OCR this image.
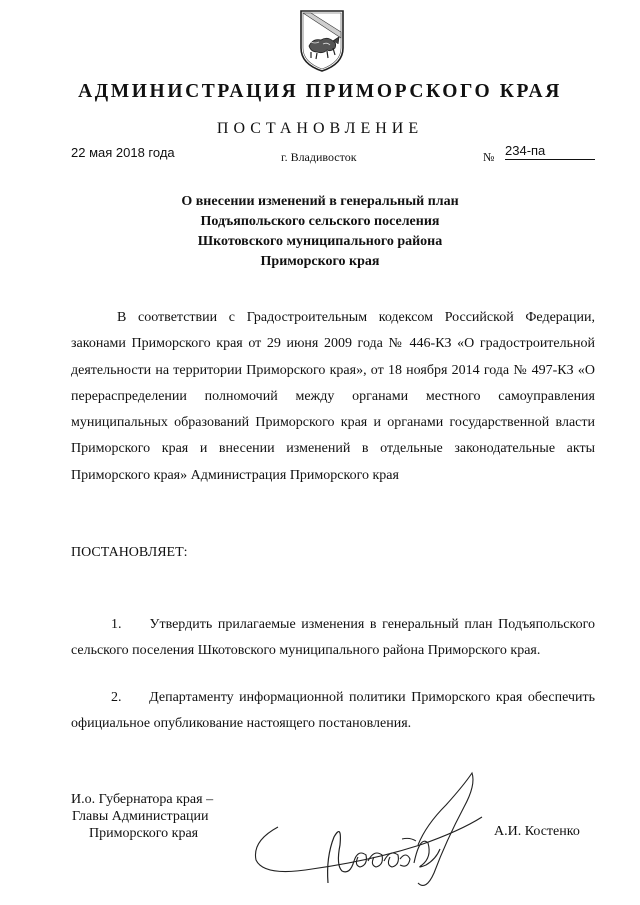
АДМИНИСТРАЦИЯ ПРИМОРСКОГО КРАЯ
ПОСТАНОВЛЕНИЕ
22 мая 2018 года	г. Владивосток	№ 234-па
О внесении изменений в генеральный план
Подъяпольского сельского поселения
Шкотовского муниципального района
Приморского края
В соответствии с Градостроительным кодексом Российской Федерации, законами Приморского края от 29 июня 2009 года № 446-КЗ «О градостроительной деятельности на территории Приморского края», от 18 ноября 2014 года № 497-КЗ «О перераспределении полномочий между органами местного самоуправления муниципальных образований Приморского края и органами государственной власти Приморского края и внесении изменений в отдельные законодательные акты Приморского края» Администрация Приморского края
ПОСТАНОВЛЯЕТ:
1.     Утвердить прилагаемые изменения в генеральный план Подъяпольского сельского поселения Шкотовского муниципального района Приморского края.
2.     Департаменту информационной политики Приморского края обеспечить официальное опубликование настоящего постановления.
И.о. Губернатора края –
Главы Администрации
Приморского края	А.И. Костенко
